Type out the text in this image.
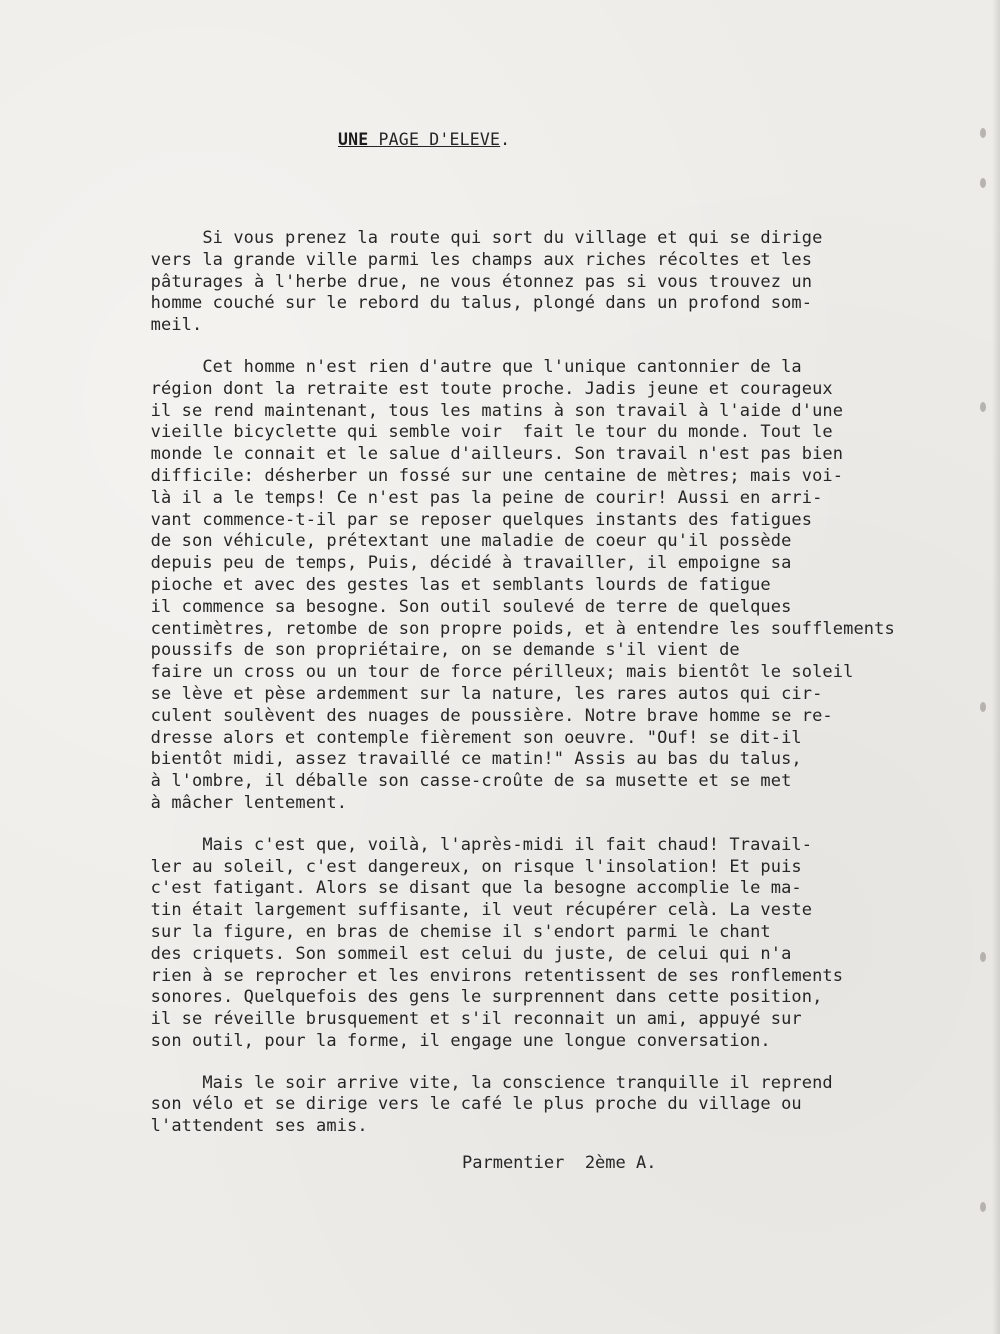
UNE PAGE D'ELEVE.
Si vous prenez la route qui sort du village et qui se dirige
vers la grande ville parmi les champs aux riches récoltes et les
pâturages à l'herbe drue, ne vous étonnez pas si vous trouvez un
homme couché sur le rebord du talus, plongé dans un profond som-
meil.
Cet homme n'est rien d'autre que l'unique cantonnier de la
région dont la retraite est toute proche. Jadis jeune et courageux
il se rend maintenant, tous les matins à son travail à l'aide d'une
vieille bicyclette qui semble voir  fait le tour du monde. Tout le
monde le connait et le salue d'ailleurs. Son travail n'est pas bien
difficile: désherber un fossé sur une centaine de mètres; mais voi-
là il a le temps! Ce n'est pas la peine de courir! Aussi en arri-
vant commence-t-il par se reposer quelques instants des fatigues
de son véhicule, prétextant une maladie de coeur qu'il possède
depuis peu de temps, Puis, décidé à travailler, il empoigne sa
pioche et avec des gestes las et semblants lourds de fatigue
il commence sa besogne. Son outil soulevé de terre de quelques
centimètres, retombe de son propre poids, et à entendre les soufflements
poussifs de son propriétaire, on se demande s'il vient de
faire un cross ou un tour de force périlleux; mais bientôt le soleil
se lève et pèse ardemment sur la nature, les rares autos qui cir-
culent soulèvent des nuages de poussière. Notre brave homme se re-
dresse alors et contemple fièrement son oeuvre. "Ouf! se dit-il
bientôt midi, assez travaillé ce matin!" Assis au bas du talus,
à l'ombre, il déballe son casse-croûte de sa musette et se met
à mâcher lentement.
Mais c'est que, voilà, l'après-midi il fait chaud! Travail-
ler au soleil, c'est dangereux, on risque l'insolation! Et puis
c'est fatigant. Alors se disant que la besogne accomplie le ma-
tin était largement suffisante, il veut récupérer celà. La veste
sur la figure, en bras de chemise il s'endort parmi le chant
des criquets. Son sommeil est celui du juste, de celui qui n'a
rien à se reprocher et les environs retentissent de ses ronflements
sonores. Quelquefois des gens le surprennent dans cette position,
il se réveille brusquement et s'il reconnait un ami, appuyé sur
son outil, pour la forme, il engage une longue conversation.
Mais le soir arrive vite, la conscience tranquille il reprend
son vélo et se dirige vers le café le plus proche du village ou
l'attendent ses amis.
Parmentier  2ème A.
